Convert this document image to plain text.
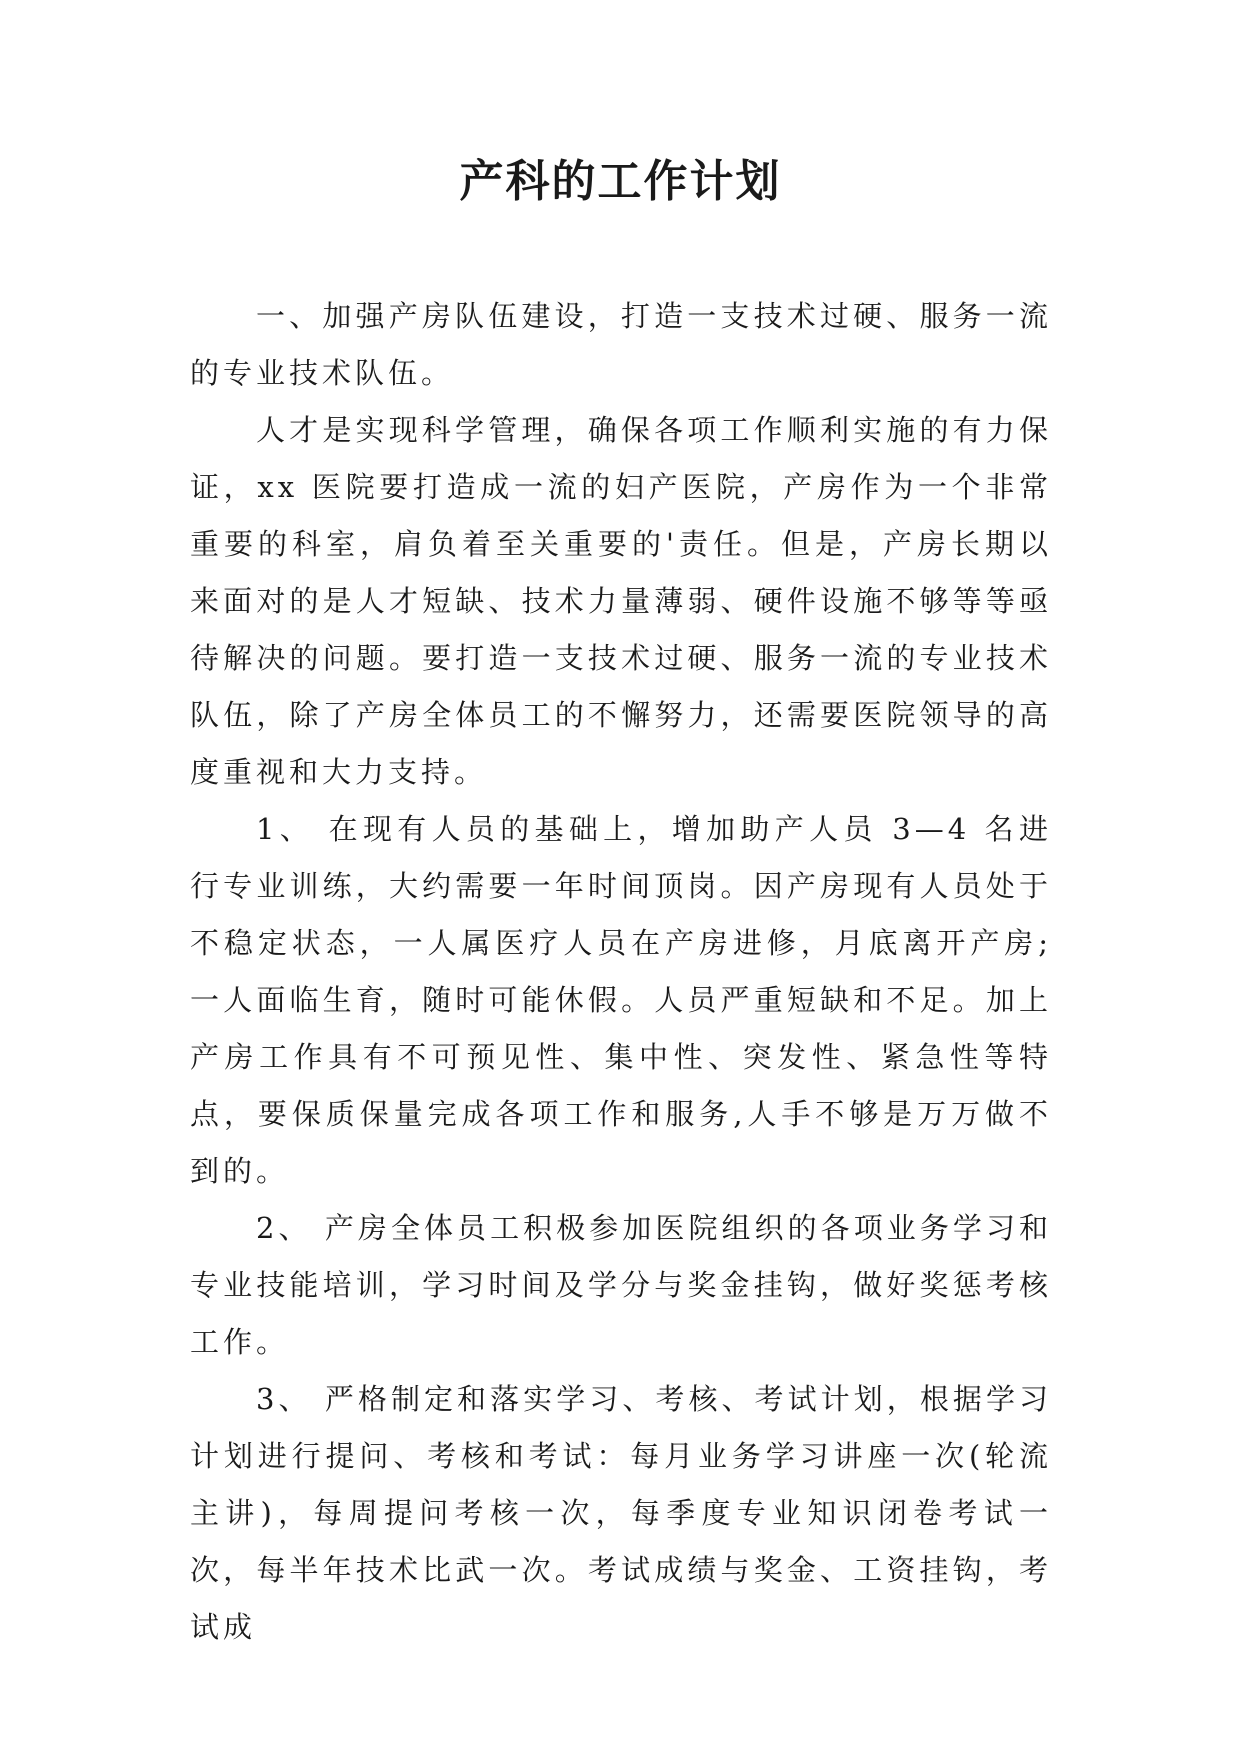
产科的工作计划

一、加强产房队伍建设，打造一支技术过硬、服务一流的专业技术队伍。

人才是实现科学管理，确保各项工作顺利实施的有力保证，xx 医院要打造成一流的妇产医院，产房作为一个非常重要的科室，肩负着至关重要的'责任。但是，产房长期以来面对的是人才短缺、技术力量薄弱、硬件设施不够等等亟待解决的问题。要打造一支技术过硬、服务一流的专业技术队伍，除了产房全体员工的不懈努力，还需要医院领导的高度重视和大力支持。

1、 在现有人员的基础上，增加助产人员 3—4 名进行专业训练，大约需要一年时间顶岗。因产房现有人员处于不稳定状态，一人属医疗人员在产房进修，月底离开产房;一人面临生育，随时可能休假。人员严重短缺和不足。加上产房工作具有不可预见性、集中性、突发性、紧急性等特点，要保质保量完成各项工作和服务,人手不够是万万做不到的。

2、 产房全体员工积极参加医院组织的各项业务学习和专业技能培训，学习时间及学分与奖金挂钩，做好奖惩考核工作。

3、 严格制定和落实学习、考核、考试计划，根据学习计划进行提问、考核和考试：每月业务学习讲座一次(轮流主讲)，每周提问考核一次，每季度专业知识闭卷考试一次，每半年技术比武一次。考试成绩与奖金、工资挂钩，考试成
